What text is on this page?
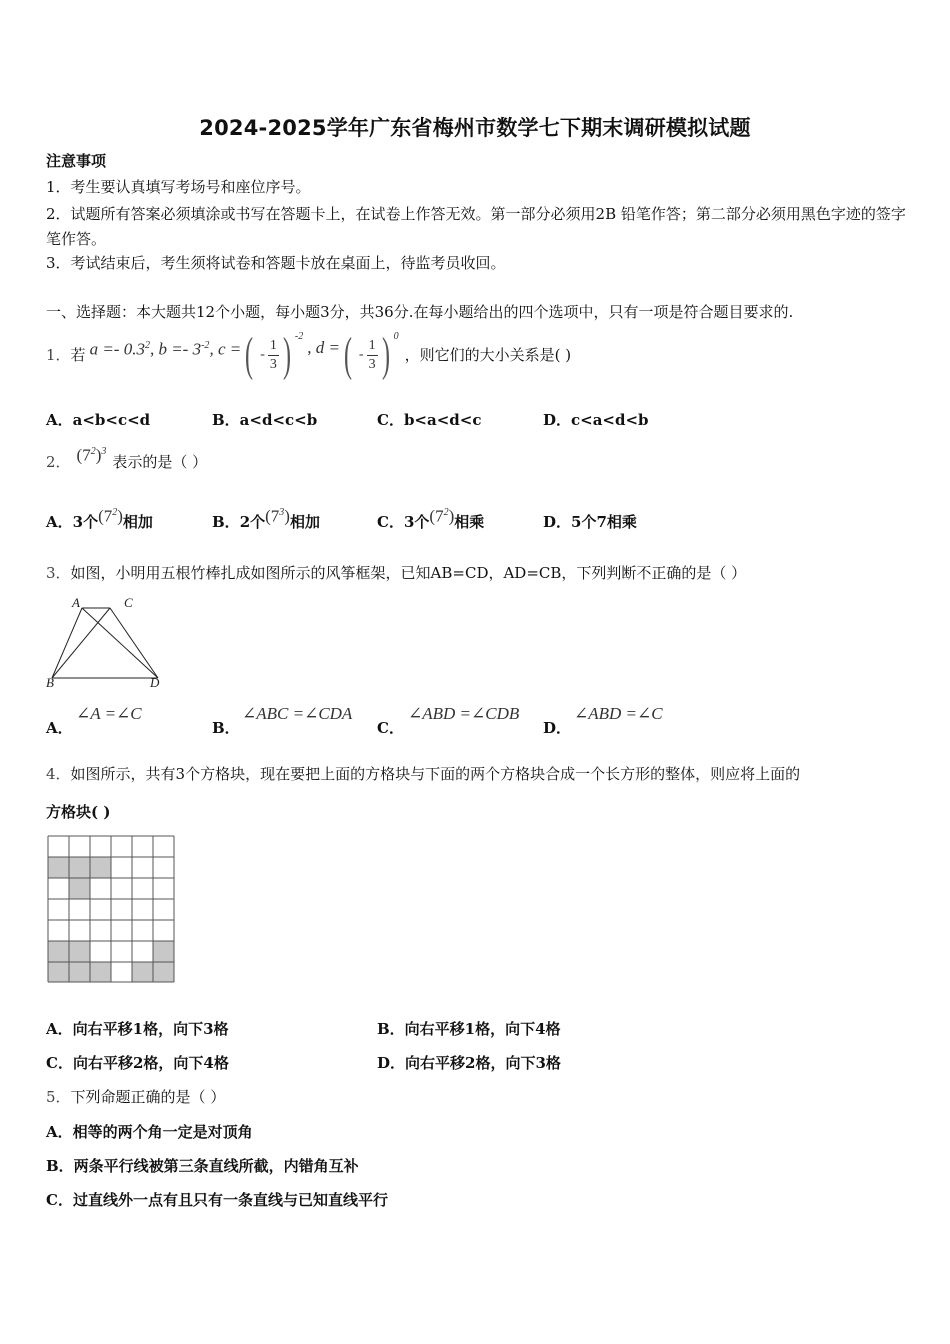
2024-2025学年广东省梅州市数学七下期末调研模拟试题
注意事项
1．考生要认真填写考场号和座位序号。
2．试题所有答案必须填涂或书写在答题卡上，在试卷上作答无效。第一部分必须用2B 铅笔作答；第二部分必须用黑色字迹的签字笔作答。
3．考试结束后，考生须将试卷和答题卡放在桌面上，待监考员收回。
一、选择题：本大题共12个小题，每小题3分，共36分.在每小题给出的四个选项中，只有一项是符合题目要求的.
1． 若 $a =- 0.3^2$, $b =- 3^{-2}$, c = ( - $\frac{1}{3}$ ) $^{-2}$
, d = ( - $\frac{1}{3}$ ) $^0$
，则它们的大小关系是( )
A．a<b<c<d	B．a<d<c<b	C．b<a<d<c	D．c<a<d<b
2． $(7^2)^3$
表示的是（ ）
A． 3个 $(7^2)$ 相加	B． 2个 $(7^3)$ 相加	C． 3个 $(7^2)$ 相乘	D． 5个7相乘
3．如图，小明用五根竹棒扎成如图所示的风筝框架，已知AB=CD，AD=CB，下列判断不正确的是（ ）
A	C
B	D
A．
∠A =∠C
B．
∠ABC =∠CDA
C．
∠ABD =∠CDB
D．
∠ABD =∠C
4．如图所示，共有3个方格块，现在要把上面的方格块与下面的两个方格块合成一个长方形的整体，则应将上面的
方格块( )
A．向右平移1格，向下3格	B．向右平移1格，向下4格
C．向右平移2格，向下4格	D．向右平移2格，向下3格
5．下列命题正确的是（ ）
A．相等的两个角一定是对顶角
B．两条平行线被第三条直线所截，内错角互补
C．过直线外一点有且只有一条直线与已知直线平行
